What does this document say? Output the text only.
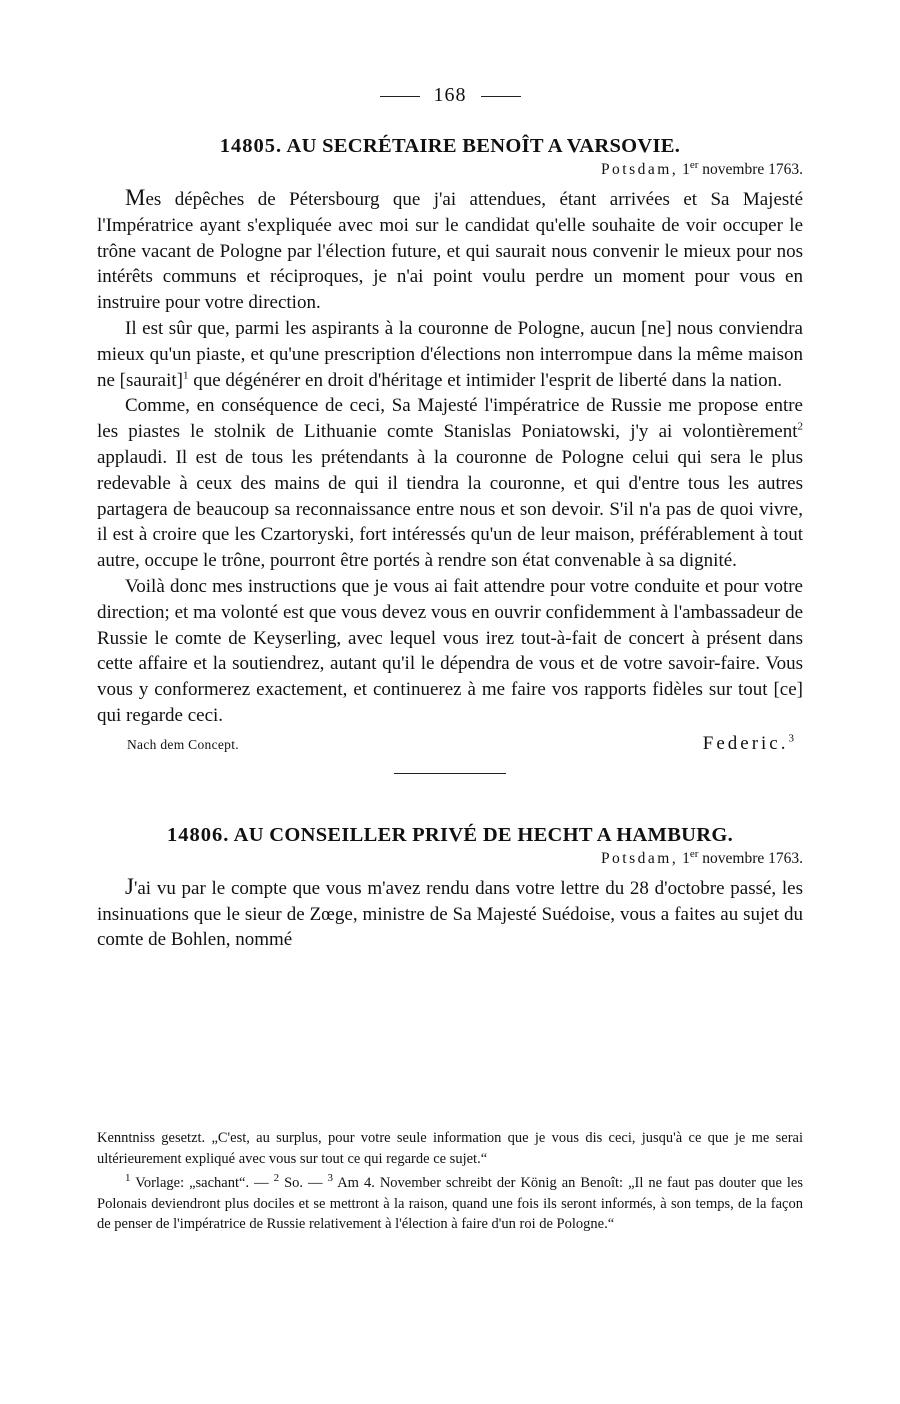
168
14805. AU SECRÉTAIRE BENOÎT A VARSOVIE.
Potsdam, 1er novembre 1763.

Mes dépêches de Pétersbourg que j'ai attendues, étant arrivées et Sa Majesté l'Impératrice ayant s'expliquée avec moi sur le candidat qu'elle souhaite de voir occuper le trône vacant de Pologne par l'élection future, et qui saurait nous convenir le mieux pour nos intérêts communs et réciproques, je n'ai point voulu perdre un moment pour vous en instruire pour votre direction.

Il est sûr que, parmi les aspirants à la couronne de Pologne, aucun [ne] nous conviendra mieux qu'un piaste, et qu'une prescription d'élections non interrompue dans la même maison ne [saurait]$^1$ que dégénérer en droit d'héritage et intimider l'esprit de liberté dans la nation.

Comme, en conséquence de ceci, Sa Majesté l'impératrice de Russie me propose entre les piastes le stolnik de Lithuanie comte Stanislas Poniatowski, j'y ai volontièrement$^2$ applaudi. Il est de tous les prétendants à la couronne de Pologne celui qui sera le plus redevable à ceux des mains de qui il tiendra la couronne, et qui d'entre tous les autres partagera de beaucoup sa reconnaissance entre nous et son devoir. S'il n'a pas de quoi vivre, il est à croire que les Czartoryski, fort intéressés qu'un de leur maison, préférablement à tout autre, occupe le trône, pourront être portés à rendre son état convenable à sa dignité.

Voilà donc mes instructions que je vous ai fait attendre pour votre conduite et pour votre direction; et ma volonté est que vous devez vous en ouvrir confidemment à l'ambassadeur de Russie le comte de Keyserling, avec lequel vous irez tout-à-fait de concert à présent dans cette affaire et la soutiendrez, autant qu'il le dépendra de vous et de votre savoir-faire. Vous vous y conformerez exactement, et continuerez à me faire vos rapports fidèles sur tout [ce] qui regarde ceci.

Nach dem Concept.	Federic.$^3$
14806. AU CONSEILLER PRIVÉ DE HECHT A HAMBURG.
Potsdam, 1er novembre 1763.

J'ai vu par le compte que vous m'avez rendu dans votre lettre du 28 d'octobre passé, les insinuations que le sieur de Zœge, ministre de Sa Majesté Suédoise, vous a faites au sujet du comte de Bohlen, nommé

Kenntniss gesetzt. „C'est, au surplus, pour votre seule information que je vous dis ceci, jusqu'à ce que je me serai ultérieurement expliqué avec vous sur tout ce qui regarde ce sujet.“

$^1$ Vorlage: „sachant“. — $^2$ So. — $^3$ Am 4. November schreibt der König an Benoît: „Il ne faut pas douter que les Polonais deviendront plus dociles et se mettront à la raison, quand une fois ils seront informés, à son temps, de la façon de penser de l'impératrice de Russie relativement à l'élection à faire d'un roi de Pologne.“
